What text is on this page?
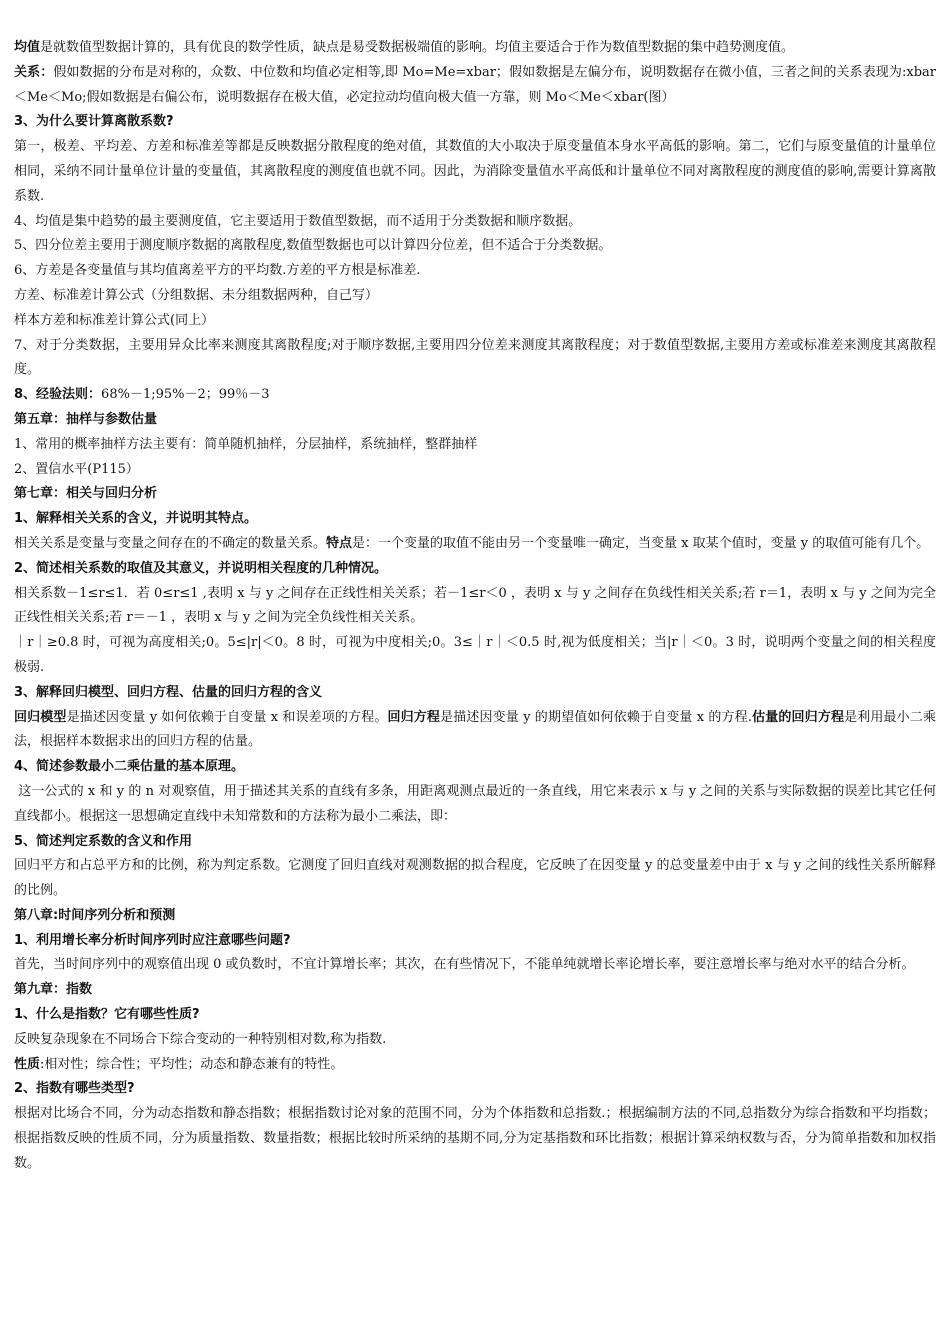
均值是就数值型数据计算的，具有优良的数学性质，缺点是易受数据极端值的影响。均值主要适合于作为数值型数据的集中趋势测度值。

关系：假如数据的分布是对称的，众数、中位数和均值必定相等,即 Mo=Me=xbar；假如数据是左偏分布，说明数据存在微小值，三者之间的关系表现为:xbar＜Me＜Mo;假如数据是右偏公布，说明数据存在极大值，必定拉动均值向极大值一方靠，则 Mo＜Me＜xbar(图）

3、为什么要计算离散系数?

第一，极差、平均差、方差和标准差等都是反映数据分散程度的绝对值，其数值的大小取决于原变量值本身水平高低的影响。第二，它们与原变量值的计量单位相同，采纳不同计量单位计量的变量值，其离散程度的测度值也就不同。因此，为消除变量值水平高低和计量单位不同对离散程度的测度值的影响,需要计算离散系数.

4、均值是集中趋势的最主要测度值，它主要适用于数值型数据，而不适用于分类数据和顺序数据。

5、四分位差主要用于测度顺序数据的离散程度,数值型数据也可以计算四分位差，但不适合于分类数据。

6、方差是各变量值与其均值离差平方的平均数.方差的平方根是标准差.

方差、标准差计算公式（分组数据、未分组数据两种，自己写）

样本方差和标准差计算公式(同上）

7、对于分类数据，主要用异众比率来测度其离散程度;对于顺序数据,主要用四分位差来测度其离散程度；对于数值型数据,主要用方差或标准差来测度其离散程度。

8、经验法则：68%－1;95%－2；99％－3

第五章：抽样与参数估量

1、常用的概率抽样方法主要有：简单随机抽样，分层抽样，系统抽样，整群抽样

2、置信水平(P115）

第七章：相关与回归分析

1、解释相关关系的含义，并说明其特点。

相关关系是变量与变量之间存在的不确定的数量关系。特点是：一个变量的取值不能由另一个变量唯一确定，当变量 x 取某个值时，变量 y 的取值可能有几个。

2、简述相关系数的取值及其意义，并说明相关程度的几种情况。

相关系数－1≤r≤1．若 0≤r≤1 ,表明 x 与 y 之间存在正线性相关关系；若－1≤r＜0 ，表明 x 与 y 之间存在负线性相关关系;若 r＝1，表明 x 与 y 之间为完全正线性相关关系;若 r＝－1 ，表明 x 与 y 之间为完全负线性相关关系。

｜r｜≥0.8 时，可视为高度相关;0。5≤|r|＜0。8 时，可视为中度相关;0。3≤｜r｜＜0.5 时,视为低度相关；当|r｜＜0。3 时，说明两个变量之间的相关程度极弱.

3、解释回归模型、回归方程、估量的回归方程的含义

回归模型是描述因变量 y 如何依赖于自变量 x 和误差项的方程。回归方程是描述因变量 y 的期望值如何依赖于自变量 x 的方程.估量的回归方程是利用最小二乘法，根据样本数据求出的回归方程的估量。

4、简述参数最小二乘估量的基本原理。

这一公式的 x 和 y 的 n 对观察值，用于描述其关系的直线有多条，用距离观测点最近的一条直线，用它来表示 x 与 y 之间的关系与实际数据的误差比其它任何直线都小。根据这一思想确定直线中未知常数和的方法称为最小二乘法，即：

5、简述判定系数的含义和作用

回归平方和占总平方和的比例，称为判定系数。它测度了回归直线对观测数据的拟合程度，它反映了在因变量 y 的总变量差中由于 x 与 y 之间的线性关系所解释的比例。

第八章:时间序列分析和预测

1、利用增长率分析时间序列时应注意哪些问题?

首先，当时间序列中的观察值出现 0 或负数时，不宜计算增长率；其次，在有些情况下，不能单纯就增长率论增长率，要注意增长率与绝对水平的结合分析。

第九章：指数

1、什么是指数？它有哪些性质?

反映复杂现象在不同场合下综合变动的一种特别相对数,称为指数.

性质:相对性；综合性；平均性；动态和静态兼有的特性。

2、指数有哪些类型?

根据对比场合不同，分为动态指数和静态指数；根据指数讨论对象的范围不同，分为个体指数和总指数.；根据编制方法的不同,总指数分为综合指数和平均指数；根据指数反映的性质不同，分为质量指数、数量指数；根据比较时所采纳的基期不同,分为定基指数和环比指数；根据计算采纳权数与否，分为简单指数和加权指数。
